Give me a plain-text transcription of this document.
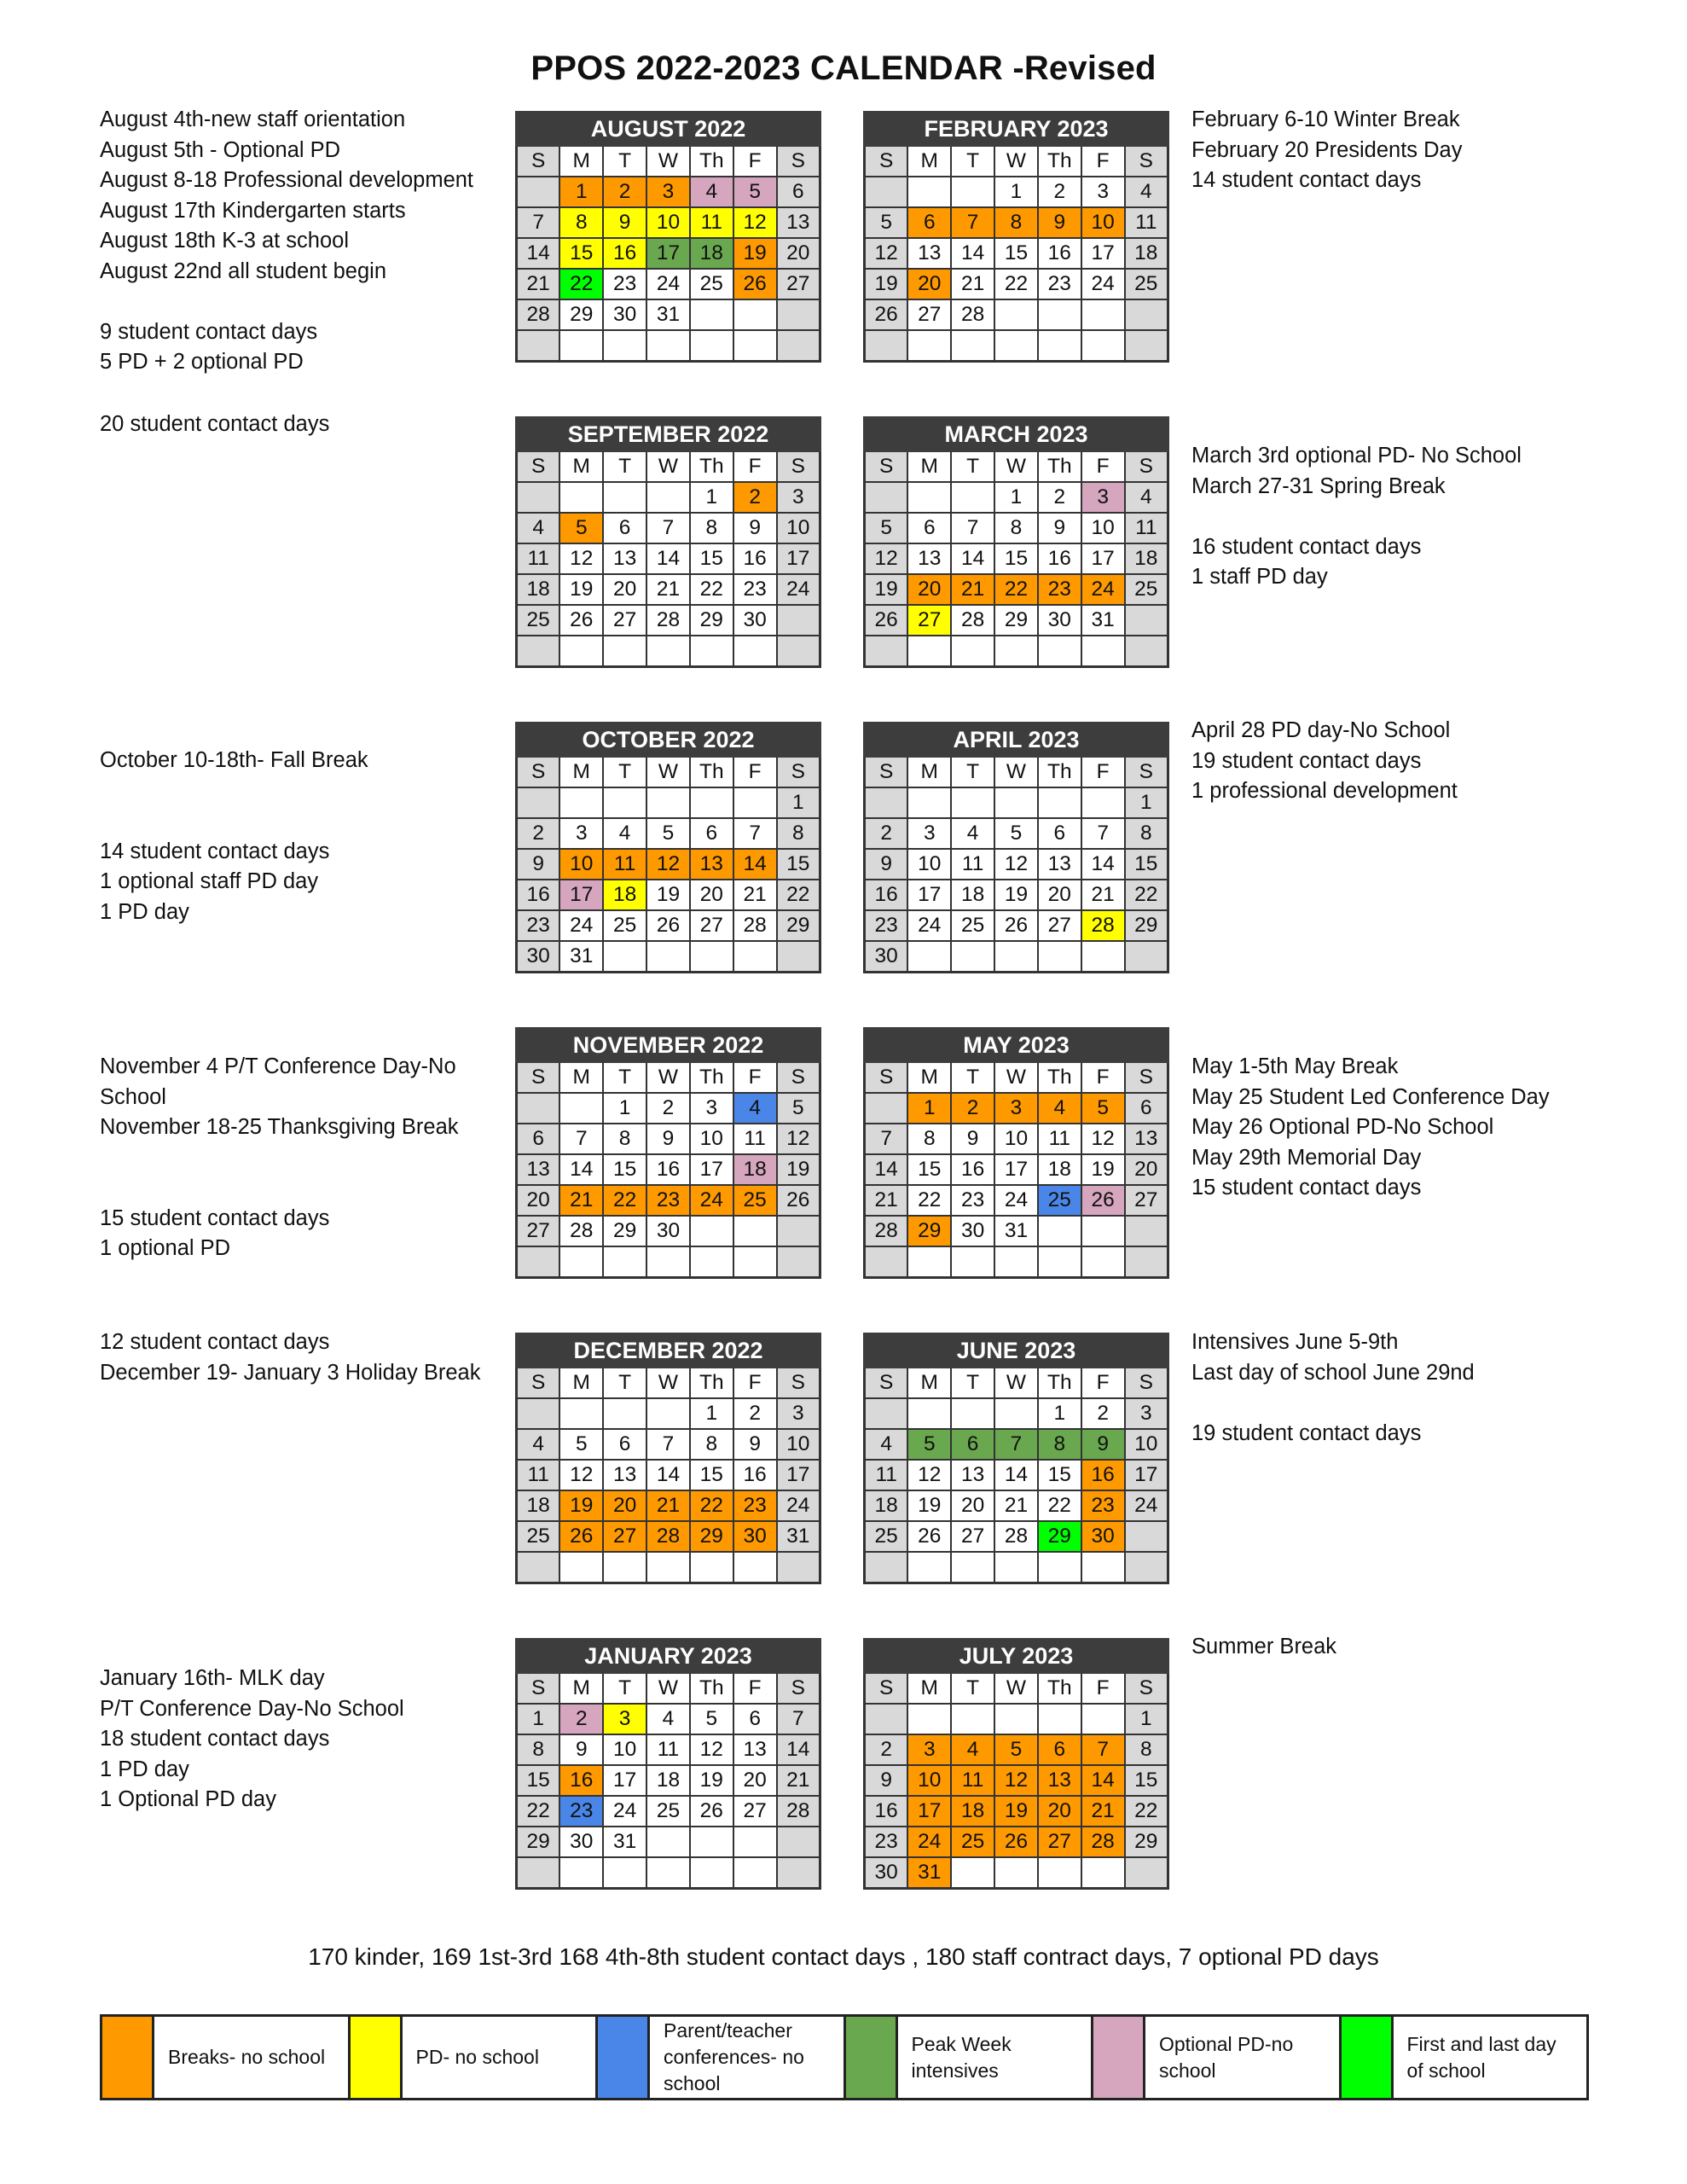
PPOS 2022-2023 CALENDAR -Revised
August 4th-new staff orientation
August 5th - Optional PD
August 8-18 Professional development
August 17th Kindergarten starts
August 18th K-3 at school
August 22nd all student begin
9 student contact days
5 PD + 2 optional PD
20 student contact days
October 10-18th- Fall Break
14 student contact days
1 optional staff PD day
1 PD day
November 4 P/T Conference Day-No
School
November 18-25 Thanksgiving Break
15 student contact days
1 optional PD
12 student contact days
December 19- January 3 Holiday Break
January 16th- MLK day
P/T Conference Day-No School
18 student contact days
1 PD day
1 Optional PD day
February 6-10 Winter Break
February 20 Presidents Day
14 student contact days
March 3rd optional PD- No School
March 27-31 Spring Break
16 student contact days
1 staff PD day
April 28 PD day-No School
19 student contact days
1 professional development
May 1-5th May Break
May 25 Student Led Conference Day
May 26 Optional PD-No School
May 29th Memorial Day
15 student contact days
Intensives June 5-9th
Last day of school June 29nd
19 student contact days
Summer Break
AUGUST 2022						
S	M	T	W	Th	F	S
	1	2	3	4	5	6
7	8	9	10	11	12	13
14	15	16	17	18	19	20
21	22	23	24	25	26	27
28	29	30	31			

FEBRUARY 2023						
S	M	T	W	Th	F	S
			1	2	3	4
5	6	7	8	9	10	11
12	13	14	15	16	17	18
19	20	21	22	23	24	25
26	27	28				

SEPTEMBER 2022						
S	M	T	W	Th	F	S
				1	2	3
4	5	6	7	8	9	10
11	12	13	14	15	16	17
18	19	20	21	22	23	24
25	26	27	28	29	30	

MARCH 2023						
S	M	T	W	Th	F	S
			1	2	3	4
5	6	7	8	9	10	11
12	13	14	15	16	17	18
19	20	21	22	23	24	25
26	27	28	29	30	31	

OCTOBER 2022						
S	M	T	W	Th	F	S
						1
2	3	4	5	6	7	8
9	10	11	12	13	14	15
16	17	18	19	20	21	22
23	24	25	26	27	28	29
30	31					
APRIL 2023						
S	M	T	W	Th	F	S
						1
2	3	4	5	6	7	8
9	10	11	12	13	14	15
16	17	18	19	20	21	22
23	24	25	26	27	28	29
30						
NOVEMBER 2022						
S	M	T	W	Th	F	S
		1	2	3	4	5
6	7	8	9	10	11	12
13	14	15	16	17	18	19
20	21	22	23	24	25	26
27	28	29	30			

MAY 2023						
S	M	T	W	Th	F	S
	1	2	3	4	5	6
7	8	9	10	11	12	13
14	15	16	17	18	19	20
21	22	23	24	25	26	27
28	29	30	31			

DECEMBER 2022						
S	M	T	W	Th	F	S
				1	2	3
4	5	6	7	8	9	10
11	12	13	14	15	16	17
18	19	20	21	22	23	24
25	26	27	28	29	30	31

JUNE 2023						
S	M	T	W	Th	F	S
				1	2	3
4	5	6	7	8	9	10
11	12	13	14	15	16	17
18	19	20	21	22	23	24
25	26	27	28	29	30	

JANUARY 2023						
S	M	T	W	Th	F	S
1	2	3	4	5	6	7
8	9	10	11	12	13	14
15	16	17	18	19	20	21
22	23	24	25	26	27	28
29	30	31				

JULY 2023						
S	M	T	W	Th	F	S
						1
2	3	4	5	6	7	8
9	10	11	12	13	14	15
16	17	18	19	20	21	22
23	24	25	26	27	28	29
30	31					
170 kinder, 169 1st-3rd 168 4th-8th student contact days , 180 staff contract days, 7 optional PD days
Breaks- no school	PD- no school
Parent/teacher
conferences- no school
Peak Week
intensives
Optional PD-no
school
First and last day
of school
